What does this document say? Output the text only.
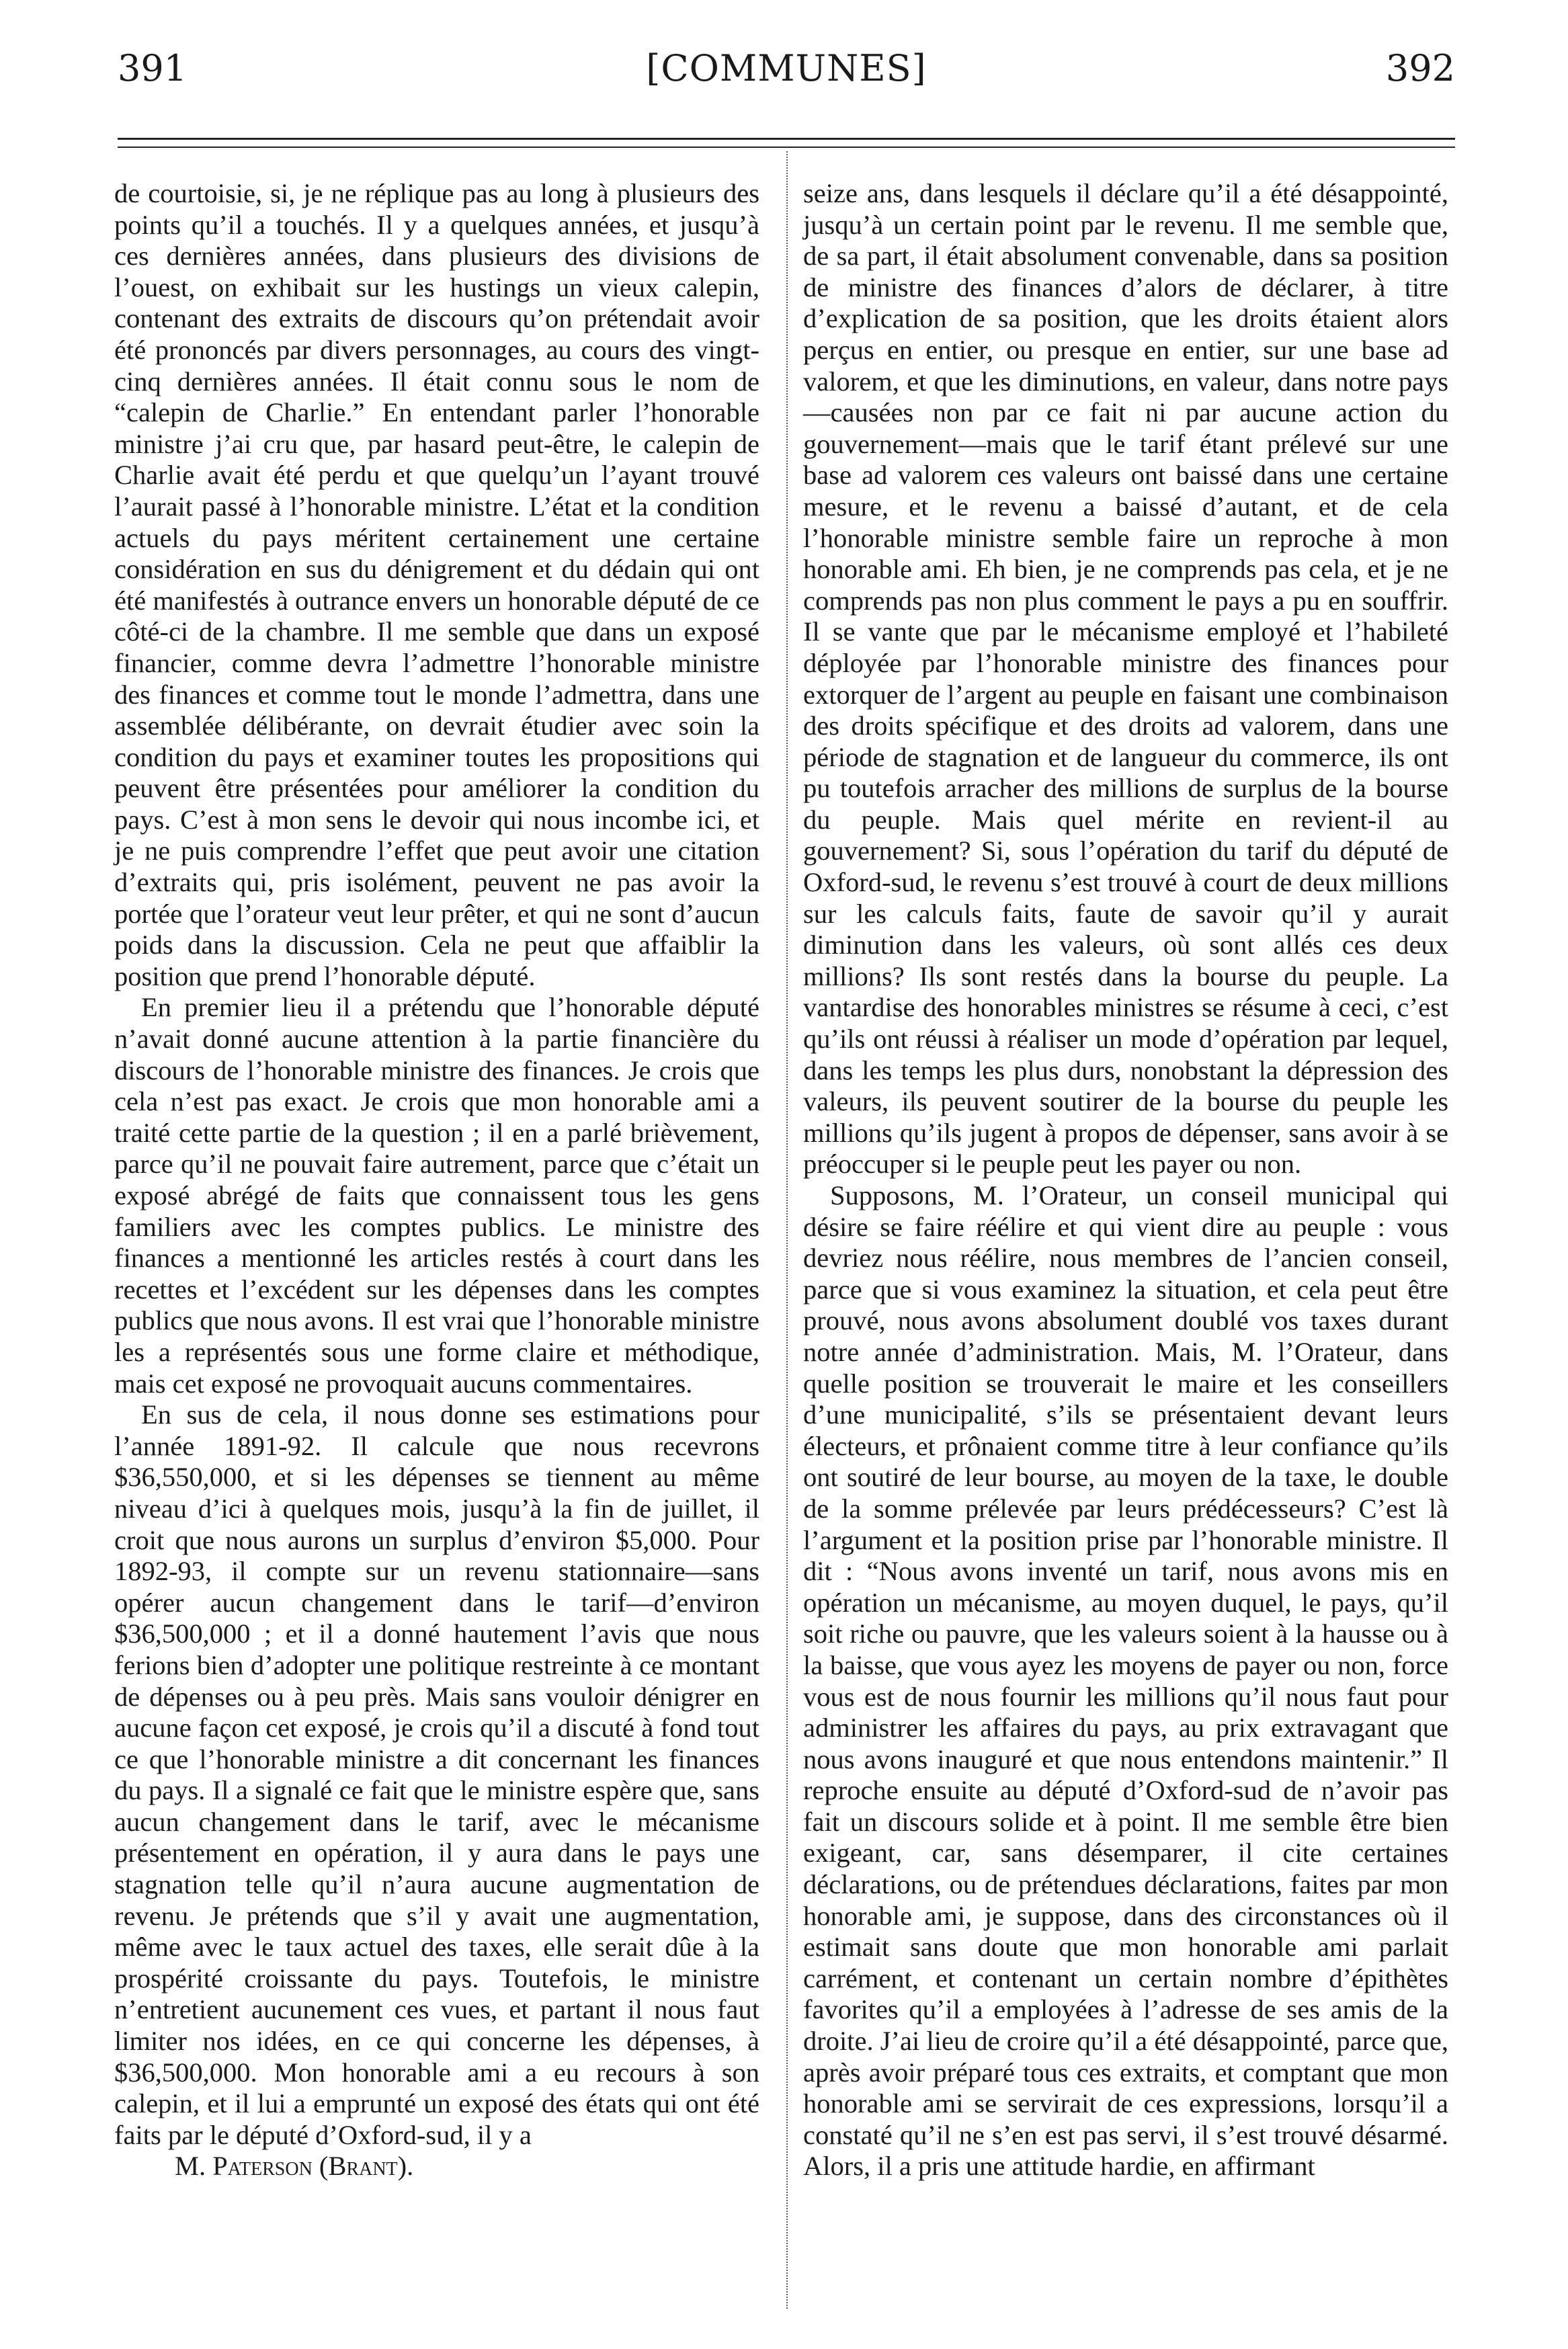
391	[COMMUNES]	392

de courtoisie, si, je ne réplique pas au long à plusieurs des points qu’il a touchés. Il y a quelques années, et jusqu’à ces dernières années, dans plusieurs des divisions de l’ouest, on exhibait sur les hustings un vieux calepin, contenant des extraits de discours qu’on prétendait avoir été prononcés par divers personnages, au cours des vingt-cinq dernières années. Il était connu sous le nom de “calepin de Charlie.” En entendant parler l’honorable ministre j’ai cru que, par hasard peut-être, le calepin de Charlie avait été perdu et que quelqu’un l’ayant trouvé l’aurait passé à l’honorable ministre. L’état et la condition actuels du pays méritent certainement une certaine considération en sus du dénigrement et du dédain qui ont été manifestés à outrance envers un honorable député de ce côté-ci de la chambre. Il me semble que dans un exposé financier, comme devra l’admettre l’honorable ministre des finances et comme tout le monde l’admettra, dans une assemblée délibérante, on devrait étudier avec soin la condition du pays et examiner toutes les propositions qui peuvent être présentées pour améliorer la condition du pays. C’est à mon sens le devoir qui nous incombe ici, et je ne puis comprendre l’effet que peut avoir une citation d’extraits qui, pris isolément, peuvent ne pas avoir la portée que l’orateur veut leur prêter, et qui ne sont d’aucun poids dans la discussion. Cela ne peut que affaiblir la position que prend l’honorable député.

En premier lieu il a prétendu que l’honorable député n’avait donné aucune attention à la partie financière du discours de l’honorable ministre des finances. Je crois que cela n’est pas exact. Je crois que mon honorable ami a traité cette partie de la question ; il en a parlé brièvement, parce qu’il ne pouvait faire autrement, parce que c’était un exposé abrégé de faits que connaissent tous les gens familiers avec les comptes publics. Le ministre des finances a mentionné les articles restés à court dans les recettes et l’excédent sur les dépenses dans les comptes publics que nous avons. Il est vrai que l’honorable ministre les a représentés sous une forme claire et méthodique, mais cet exposé ne provoquait aucuns commentaires.

En sus de cela, il nous donne ses estimations pour l’année 1891-92. Il calcule que nous recevrons $36,550,000, et si les dépenses se tiennent au même niveau d’ici à quelques mois, jusqu’à la fin de juillet, il croit que nous aurons un surplus d’environ $5,000. Pour 1892-93, il compte sur un revenu stationnaire—sans opérer aucun changement dans le tarif—d’environ $36,500,000 ; et il a donné hautement l’avis que nous ferions bien d’adopter une politique restreinte à ce montant de dépenses ou à peu près. Mais sans vouloir dénigrer en aucune façon cet exposé, je crois qu’il a discuté à fond tout ce que l’honorable ministre a dit concernant les finances du pays. Il a signalé ce fait que le ministre espère que, sans aucun changement dans le tarif, avec le mécanisme présentement en opération, il y aura dans le pays une stagnation telle qu’il n’aura aucune augmentation de revenu. Je prétends que s’il y avait une augmentation, même avec le taux actuel des taxes, elle serait dûe à la prospérité croissante du pays. Toutefois, le ministre n’entretient aucunement ces vues, et partant il nous faut limiter nos idées, en ce qui concerne les dépenses, à $36,500,000. Mon honorable ami a eu recours à son calepin, et il lui a emprunté un exposé des états qui ont été faits par le député d’Oxford-sud, il y a

M. Paterson (Brant).

seize ans, dans lesquels il déclare qu’il a été désappointé, jusqu’à un certain point par le revenu. Il me semble que, de sa part, il était absolument convenable, dans sa position de ministre des finances d’alors de déclarer, à titre d’explication de sa position, que les droits étaient alors perçus en entier, ou presque en entier, sur une base ad valorem, et que les diminutions, en valeur, dans notre pays—causées non par ce fait ni par aucune action du gouvernement—mais que le tarif étant prélevé sur une base ad valorem ces valeurs ont baissé dans une certaine mesure, et le revenu a baissé d’autant, et de cela l’honorable ministre semble faire un reproche à mon honorable ami. Eh bien, je ne comprends pas cela, et je ne comprends pas non plus comment le pays a pu en souffrir. Il se vante que par le mécanisme employé et l’habileté déployée par l’honorable ministre des finances pour extorquer de l’argent au peuple en faisant une combinaison des droits spécifique et des droits ad valorem, dans une période de stagnation et de langueur du commerce, ils ont pu toutefois arracher des millions de surplus de la bourse du peuple. Mais quel mérite en revient-il au gouvernement? Si, sous l’opération du tarif du député de Oxford-sud, le revenu s’est trouvé à court de deux millions sur les calculs faits, faute de savoir qu’il y aurait diminution dans les valeurs, où sont allés ces deux millions? Ils sont restés dans la bourse du peuple. La vantardise des honorables ministres se résume à ceci, c’est qu’ils ont réussi à réaliser un mode d’opération par lequel, dans les temps les plus durs, nonobstant la dépression des valeurs, ils peuvent soutirer de la bourse du peuple les millions qu’ils jugent à propos de dépenser, sans avoir à se préoccuper si le peuple peut les payer ou non.

Supposons, M. l’Orateur, un conseil municipal qui désire se faire réélire et qui vient dire au peuple : vous devriez nous réélire, nous membres de l’ancien conseil, parce que si vous examinez la situation, et cela peut être prouvé, nous avons absolument doublé vos taxes durant notre année d’administration. Mais, M. l’Orateur, dans quelle position se trouverait le maire et les conseillers d’une municipalité, s’ils se présentaient devant leurs électeurs, et prônaient comme titre à leur confiance qu’ils ont soutiré de leur bourse, au moyen de la taxe, le double de la somme prélevée par leurs prédécesseurs? C’est là l’argument et la position prise par l’honorable ministre. Il dit : “Nous avons inventé un tarif, nous avons mis en opération un mécanisme, au moyen duquel, le pays, qu’il soit riche ou pauvre, que les valeurs soient à la hausse ou à la baisse, que vous ayez les moyens de payer ou non, force vous est de nous fournir les millions qu’il nous faut pour administrer les affaires du pays, au prix extravagant que nous avons inauguré et que nous entendons maintenir.” Il reproche ensuite au député d’Oxford-sud de n’avoir pas fait un discours solide et à point. Il me semble être bien exigeant, car, sans désemparer, il cite certaines déclarations, ou de prétendues déclarations, faites par mon honorable ami, je suppose, dans des circonstances où il estimait sans doute que mon honorable ami parlait carrément, et contenant un certain nombre d’épithètes favorites qu’il a employées à l’adresse de ses amis de la droite. J’ai lieu de croire qu’il a été désappointé, parce que, après avoir préparé tous ces extraits, et comptant que mon honorable ami se servirait de ces expressions, lorsqu’il a constaté qu’il ne s’en est pas servi, il s’est trouvé désarmé. Alors, il a pris une attitude hardie, en affirmant
